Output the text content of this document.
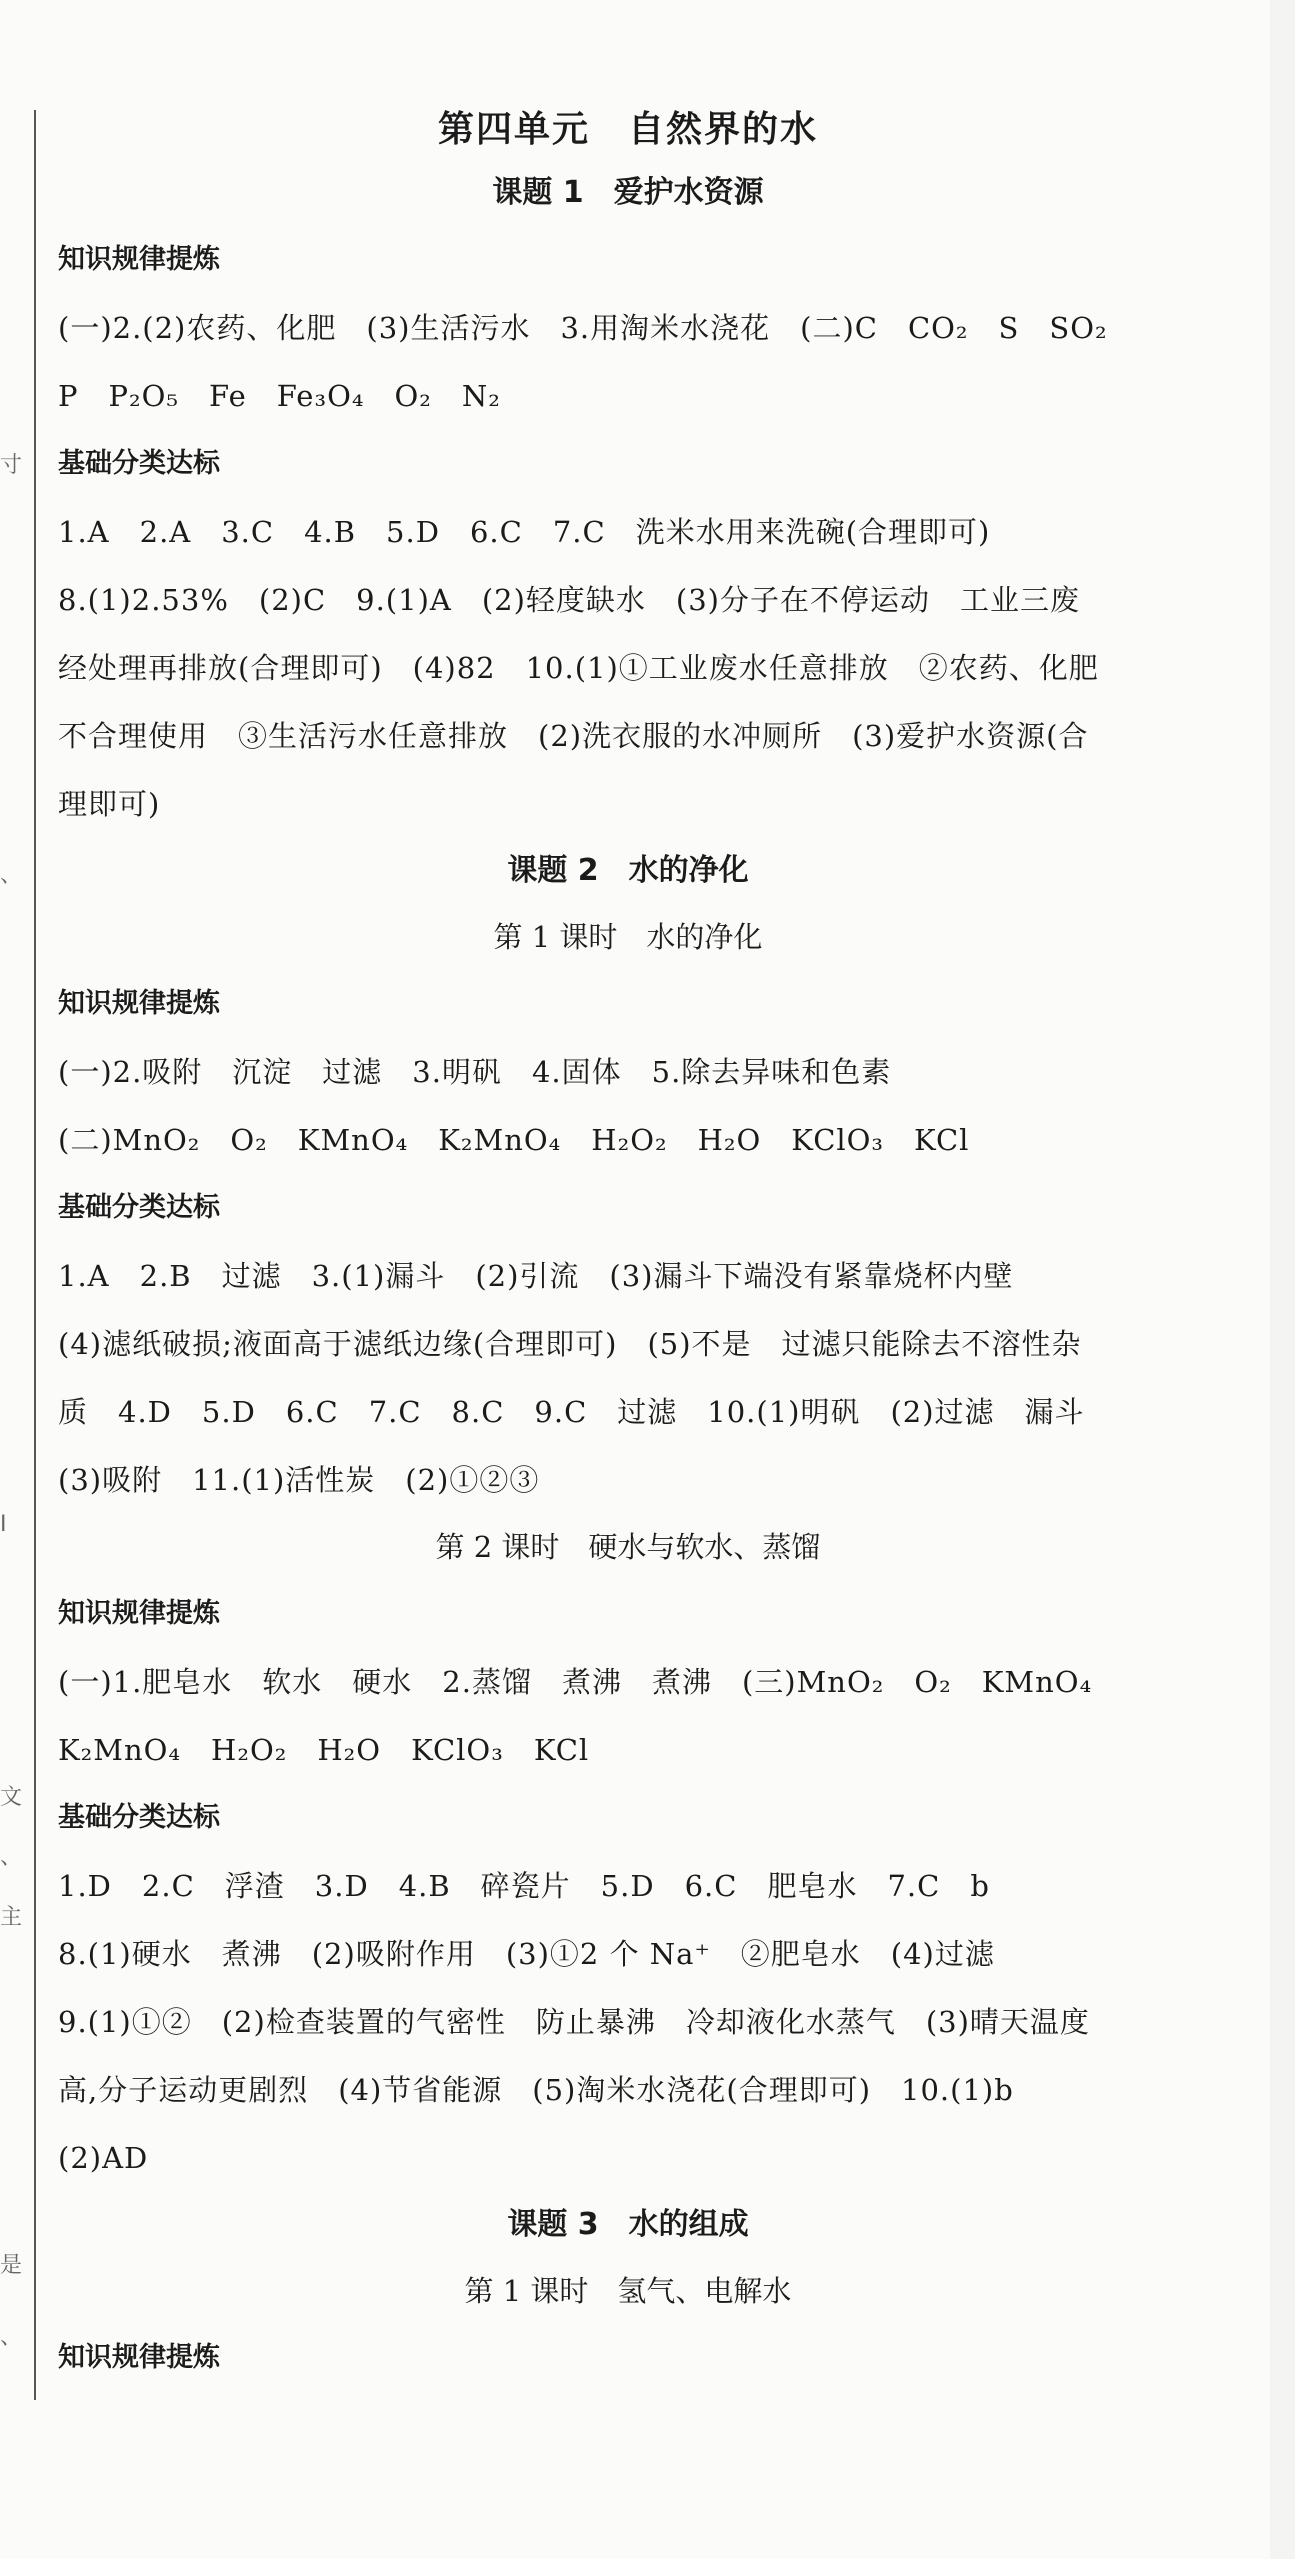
寸
、
I
文
、
主
是
、
第四单元　自然界的水
课题 1　爱护水资源
知识规律提炼
(一)2.(2)农药、化肥　(3)生活污水　3.用淘米水浇花　(二)C　CO₂　S　SO₂
P　P₂O₅　Fe　Fe₃O₄　O₂　N₂
基础分类达标
1.A　2.A　3.C　4.B　5.D　6.C　7.C　洗米水用来洗碗(合理即可)
8.(1)2.53%　(2)C　9.(1)A　(2)轻度缺水　(3)分子在不停运动　工业三废
经处理再排放(合理即可)　(4)82　10.(1)①工业废水任意排放　②农药、化肥
不合理使用　③生活污水任意排放　(2)洗衣服的水冲厕所　(3)爱护水资源(合
理即可)
课题 2　水的净化
第 1 课时　水的净化
知识规律提炼
(一)2.吸附　沉淀　过滤　3.明矾　4.固体　5.除去异味和色素
(二)MnO₂　O₂　KMnO₄　K₂MnO₄　H₂O₂　H₂O　KClO₃　KCl
基础分类达标
1.A　2.B　过滤　3.(1)漏斗　(2)引流　(3)漏斗下端没有紧靠烧杯内壁
(4)滤纸破损;液面高于滤纸边缘(合理即可)　(5)不是　过滤只能除去不溶性杂
质　4.D　5.D　6.C　7.C　8.C　9.C　过滤　10.(1)明矾　(2)过滤　漏斗
(3)吸附　11.(1)活性炭　(2)①②③
第 2 课时　硬水与软水、蒸馏
知识规律提炼
(一)1.肥皂水　软水　硬水　2.蒸馏　煮沸　煮沸　(三)MnO₂　O₂　KMnO₄
K₂MnO₄　H₂O₂　H₂O　KClO₃　KCl
基础分类达标
1.D　2.C　浮渣　3.D　4.B　碎瓷片　5.D　6.C　肥皂水　7.C　b
8.(1)硬水　煮沸　(2)吸附作用　(3)①2 个 Na⁺　②肥皂水　(4)过滤
9.(1)①②　(2)检查装置的气密性　防止暴沸　冷却液化水蒸气　(3)晴天温度
高,分子运动更剧烈　(4)节省能源　(5)淘米水浇花(合理即可)　10.(1)b
(2)AD
课题 3　水的组成
第 1 课时　氢气、电解水
知识规律提炼
